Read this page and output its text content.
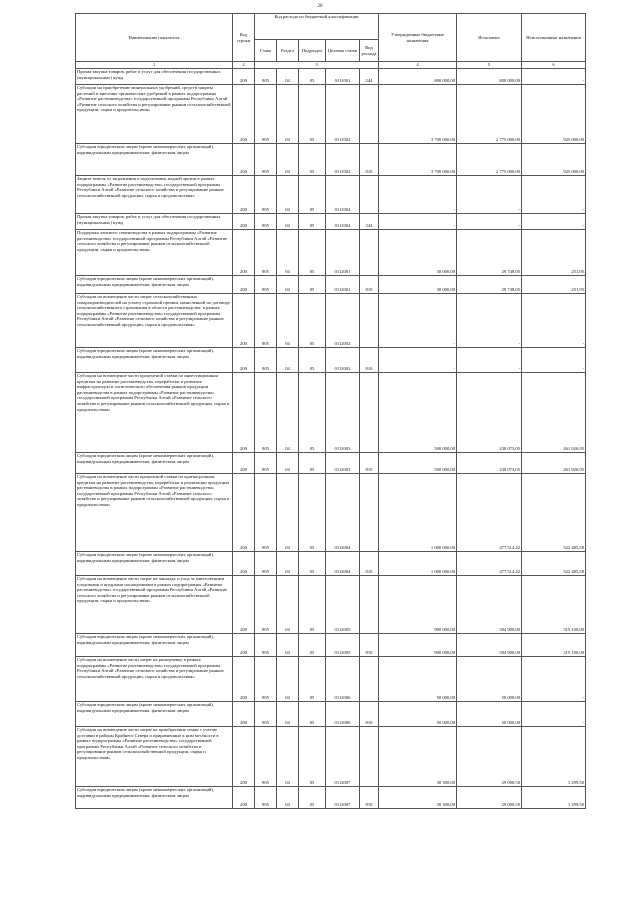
20
Наименование показателя	Код строки	Код расхода по бюджетной классификации					Утвержденные бюджетные назначения	Исполнено	Неисполненные назначения
		Глава	Раздел	Подраздел	Целевая статья	Вид расхода			
1	2	3					4	5	6
Прочая закупка товаров, работ и услуг для обеспечения государственных (муниципальных) нужд	200	905	04	05	0111001	244	800 000,00	800 000,00	-
Субсидии на приобретение минеральных удобрений, средств защиты растений и внесение органических удобрений в рамках подпрограммы «Развитие растениеводства» государственной программы Республики Алтай «Развитие сельского хозяйства и регулирование рынков сельскохозяйственной продукции, сырья и продовольствия»	200	905	04	05	0111002		3 700 000,00	2 775 000,00	925 000,00
Субсидии юридическим лицам (кроме некоммерческих организаций), индивидуальным предпринимателям, физическим лицам	200	905	04	05	0111002	810	3 700 000,00	2 775 000,00	925 000,00
Защита земель от загрязнения и подтопления, водной эрозии в рамках подпрограммы «Развитие растениеводства» государственной программы Республики Алтай «Развитие сельского хозяйства и регулирование рынков сельскохозяйственной продукции, сырья и продовольствия»	200	905	04	05	0111004		-	-	-
Прочая закупка товаров, работ и услуг для обеспечения государственных (муниципальных) нужд	200	905	04	05	0111004	244	-	-	-
Поддержка элитного семеноводства в рамках подпрограммы «Развитие растениеводства» государственной программы Республики Алтай «Развитие сельского хозяйства и регулирование рынков сельскохозяйственной продукции, сырья и продовольствия»	200	905	04	05	0112001		30 000,00	29 748,05	251,95
Субсидии юридическим лицам (кроме некоммерческих организаций), индивидуальным предпринимателям, физическим лицам	200	905	04	05	0112001	810	30 000,00	29 748,05	251,95
Субсидии на возмещение части затрат сельскохозяйственных товаропроизводителей на уплату страховой премии, начисленной по договору сельскохозяйственного страхования в области растениеводства, в рамках подпрограммы «Развитие растениеводства» государственной программы Республики Алтай «Развитие сельского хозяйства и регулирование рынков сельскохозяйственной продукции, сырья и продовольствия»	200	905	04	05	0112002		-	-	-
Субсидии юридическим лицам (кроме некоммерческих организаций), индивидуальным предпринимателям, физическим лицам	200	905	04	05	0112002	810	-	-	-
Субсидии на возмещение части процентной ставки по инвестиционным кредитам на развитие растениеводства, переработки и развития инфраструктуры и логистического обеспечения рынков продукции растениеводства в рамках подпрограммы «Развитие растениеводства» государственной программы Республики Алтай «Развитие сельского хозяйства и регулирование рынков сельскохозяйственной продукции, сырья и продовольствия»	200	905	04	05	0112003		500 000,00	238 073,05	261 926,95
Субсидии юридическим лицам (кроме некоммерческих организаций), индивидуальным предпринимателям, физическим лицам	200	905	04	05	0112003	810	500 000,00	238 073,05	261 926,95
Субсидии на возмещение части процентной ставки по краткосрочным кредитам на развитие растениеводства, переработки и реализации продукции растениеводства в рамках подпрограммы «Развитие растениеводства» государственной программы Республики Алтай «Развитие сельского хозяйства и регулирование рынков сельскохозяйственной продукции, сырья и продовольствия»	200	905	04	05	0112004		1 000 000,00	477 514,42	522 485,58
Субсидии юридическим лицам (кроме некоммерческих организаций), индивидуальным предпринимателям, физическим лицам	200	905	04	05	0112004	810	1 000 000,00	477 514,42	522 485,58
Субсидии на возмещение части затрат на закладку и уход за многолетними плодовыми и ягодными насаждениями в рамках подпрограммы «Развитие растениеводства» государственной программы Республики Алтай «Развитие сельского хозяйства и регулирование рынков сельскохозяйственной продукции, сырья и продовольствия»	200	905	04	05	0112005		900 000,00	584 900,00	315 100,00
Субсидии юридическим лицам (кроме некоммерческих организаций), индивидуальным предпринимателям, физическим лицам	200	905	04	05	0112005	810	900 000,00	584 900,00	315 100,00
Субсидии на возмещение части затрат на раскорчевку в рамках подпрограммы «Развитие растениеводства» государственной программы Республики Алтай «Развитие сельского хозяйства и регулирование рынков сельскохозяйственной продукции, сырья и продовольствия»	200	905	04	05	0112006		50 000,00	50 000,00	-
Субсидии юридическим лицам (кроме некоммерческих организаций), индивидуальным предпринимателям, физическим лицам	200	905	04	05	0112006	810	50 000,00	50 000,00	-
Субсидии на возмещение части затрат на приобретение семян с учетом доставки в районы Крайнего Севера и приравненные к ним местности в рамках подпрограммы «Развитие растениеводства» государственной программы Республики Алтай «Развитие сельского хозяйства и регулирование рынков сельскохозяйственной продукции, сырья и продовольствия»	200	905	04	05	0112007		30 300,00	29 000,50	1 299,50
Субсидии юридическим лицам (кроме некоммерческих организаций), индивидуальным предпринимателям, физическим лицам	200	905	04	05	0112007	810	30 300,00	29 000,50	1 299,50
